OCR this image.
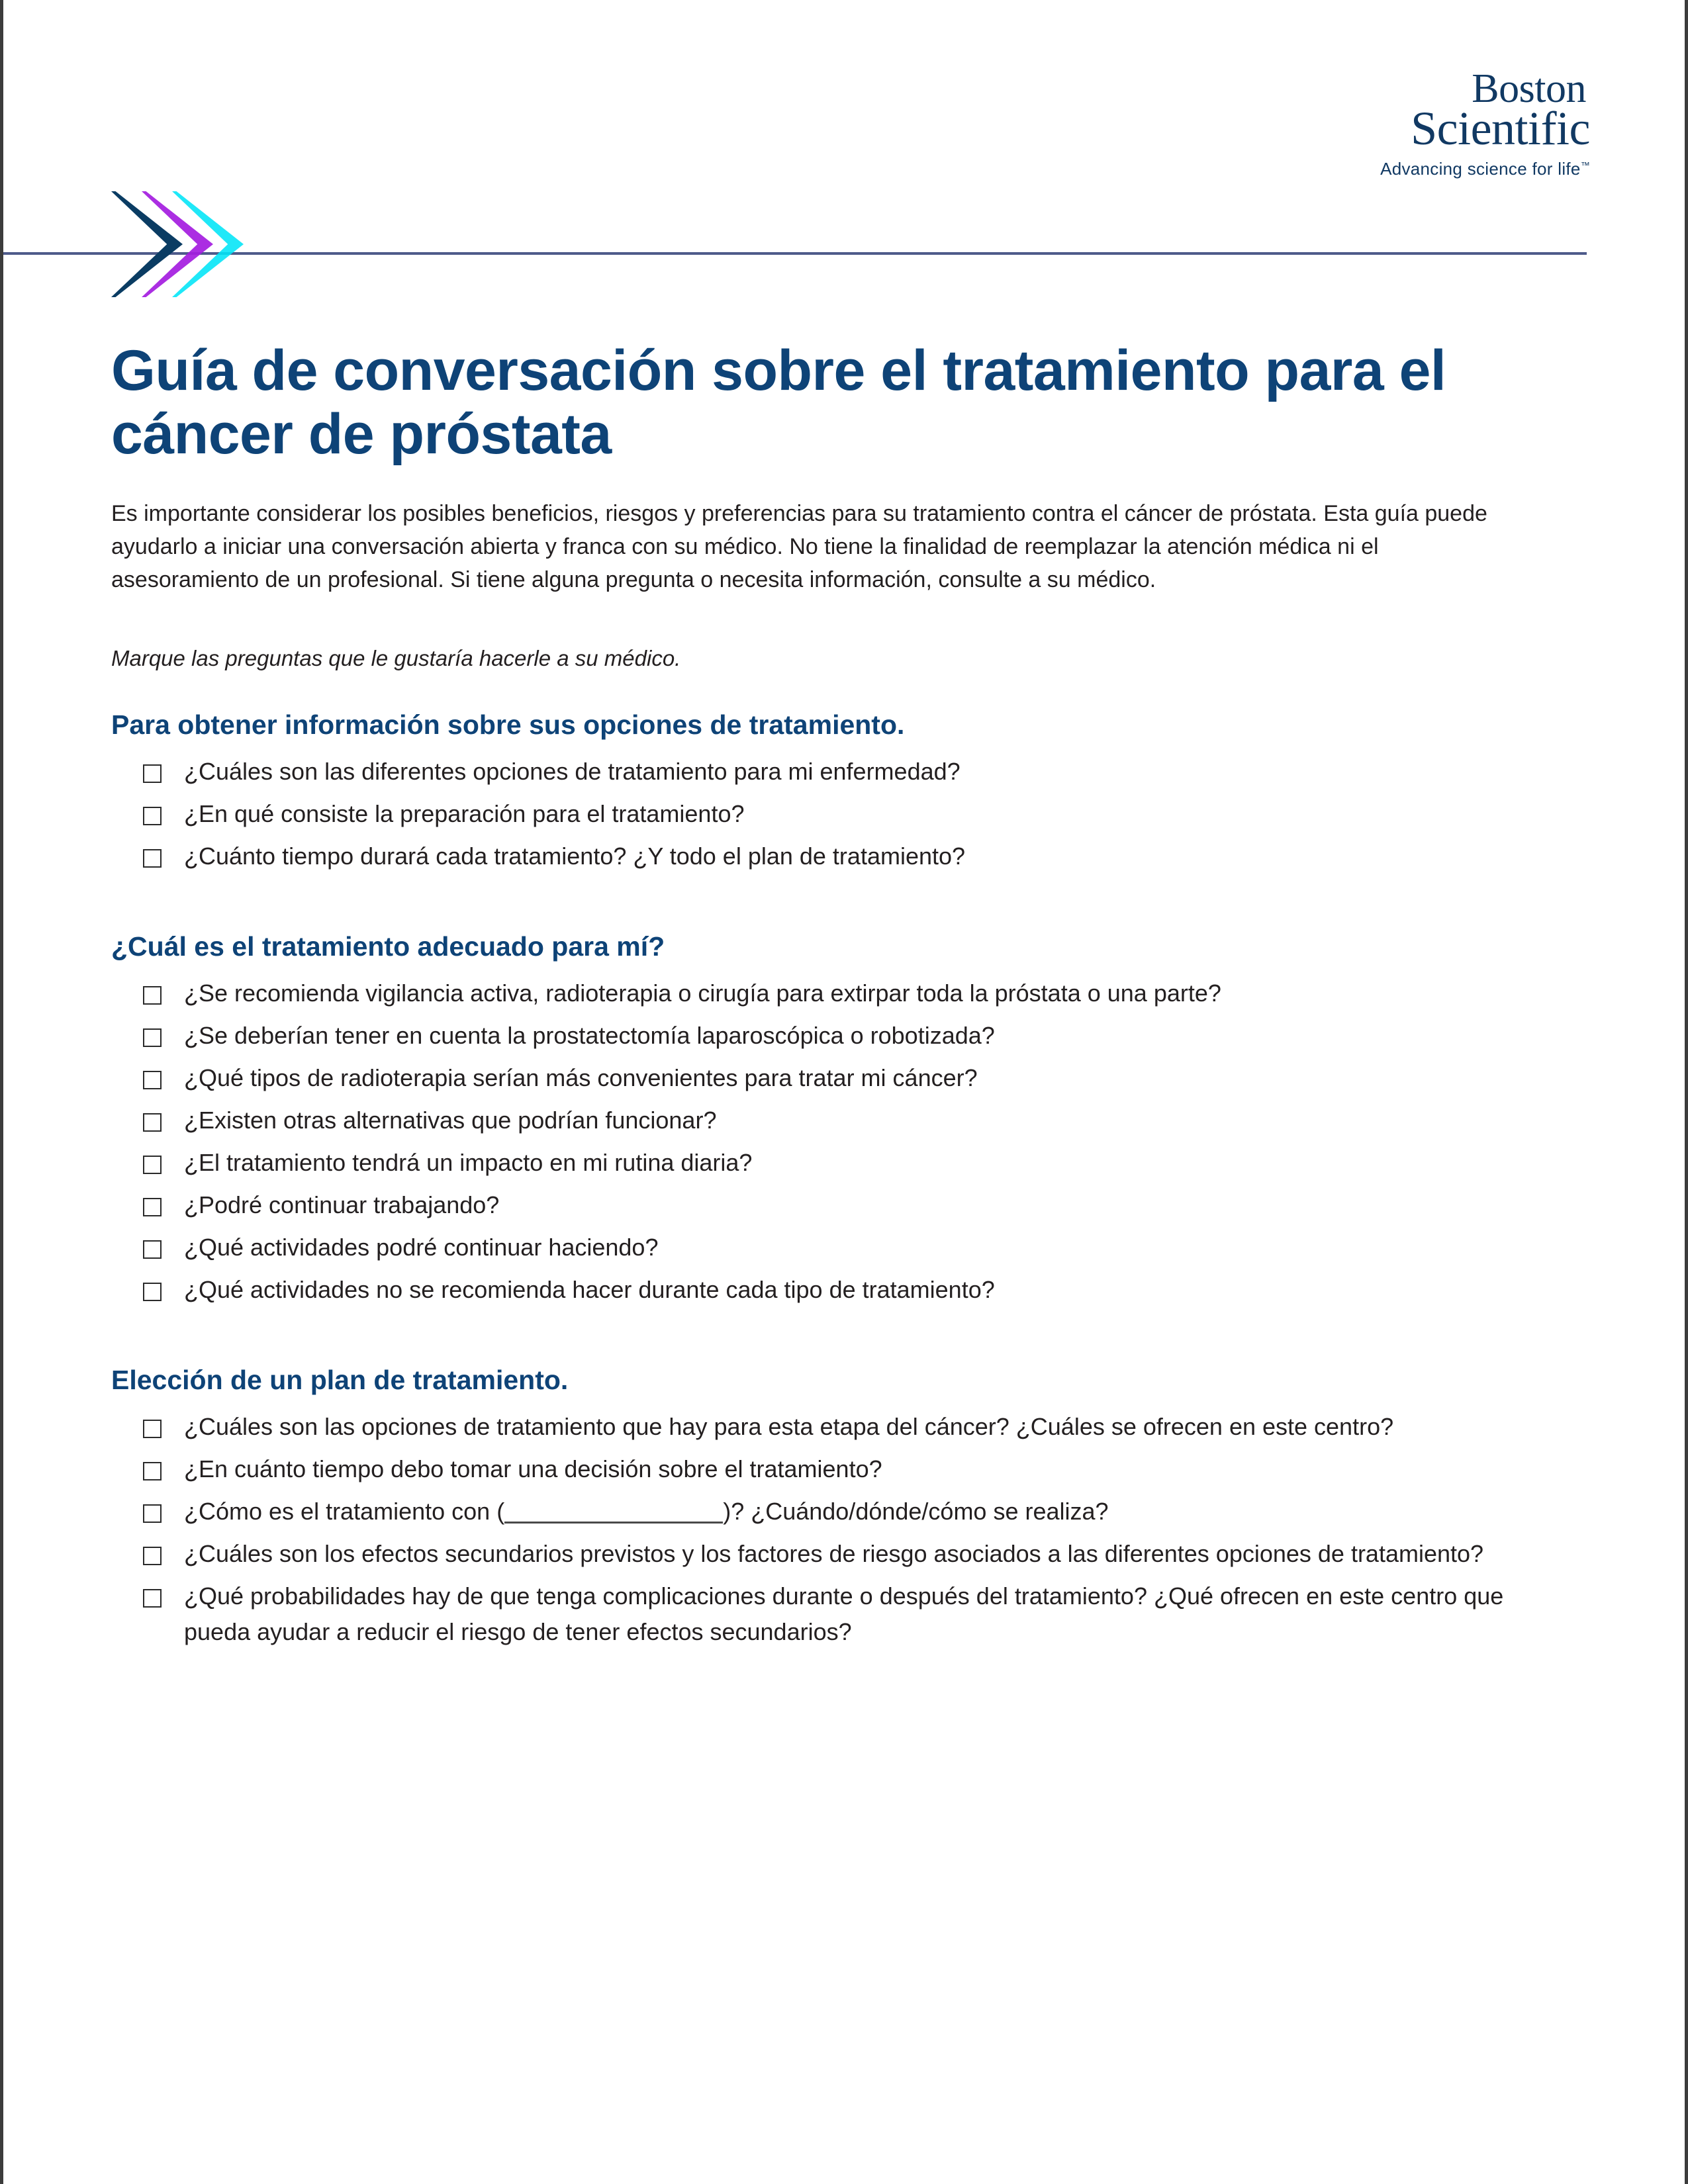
Boston
Scientific
Advancing science for life™
Guía de conversación sobre el tratamiento para el cáncer de próstata

Es importante considerar los posibles beneficios, riesgos y preferencias para su tratamiento contra el cáncer de próstata. Esta guía puede ayudarlo a iniciar una conversación abierta y franca con su médico. No tiene la finalidad de reemplazar la atención médica ni el asesoramiento de un profesional. Si tiene alguna pregunta o necesita información, consulte a su médico.

Marque las preguntas que le gustaría hacerle a su médico.
Para obtener información sobre sus opciones de tratamiento.
¿Cuáles son las diferentes opciones de tratamiento para mi enfermedad?
¿En qué consiste la preparación para el tratamiento?
¿Cuánto tiempo durará cada tratamiento? ¿Y todo el plan de tratamiento?
¿Cuál es el tratamiento adecuado para mí?
¿Se recomienda vigilancia activa, radioterapia o cirugía para extirpar toda la próstata o una parte?
¿Se deberían tener en cuenta la prostatectomía laparoscópica o robotizada?
¿Qué tipos de radioterapia serían más convenientes para tratar mi cáncer?
¿Existen otras alternativas que podrían funcionar?
¿El tratamiento tendrá un impacto en mi rutina diaria?
¿Podré continuar trabajando?
¿Qué actividades podré continuar haciendo?
¿Qué actividades no se recomienda hacer durante cada tipo de tratamiento?
Elección de un plan de tratamiento.
¿Cuáles son las opciones de tratamiento que hay para esta etapa del cáncer? ¿Cuáles se ofrecen en este centro?
¿En cuánto tiempo debo tomar una decisión sobre el tratamiento?
¿Cómo es el tratamiento con (	)? ¿Cuándo/dónde/cómo se realiza?
¿Cuáles son los efectos secundarios previstos y los factores de riesgo asociados a las diferentes opciones de tratamiento?
¿Qué probabilidades hay de que tenga complicaciones durante o después del tratamiento? ¿Qué ofrecen en este centro que pueda ayudar a reducir el riesgo de tener efectos secundarios?
